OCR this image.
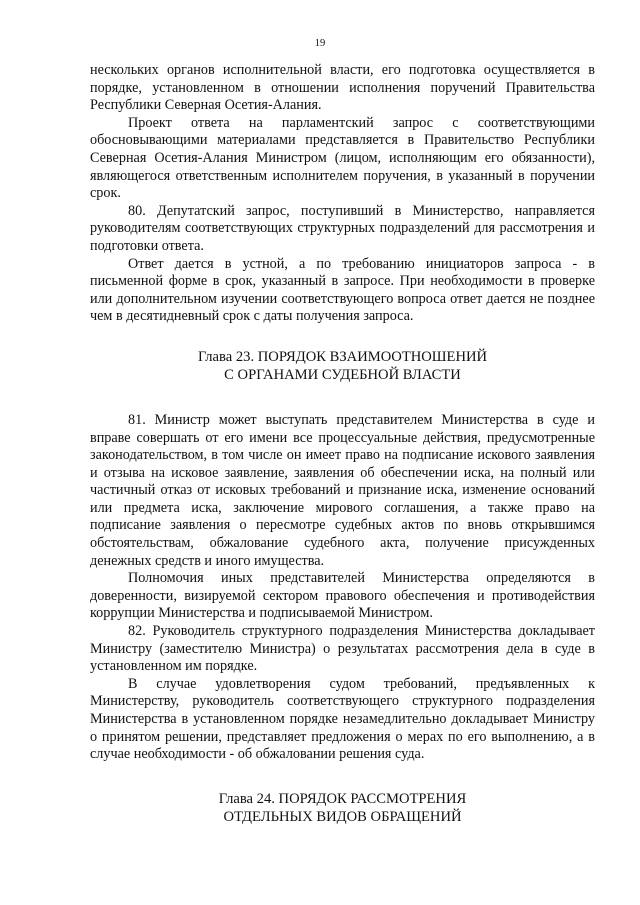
19

нескольких органов исполнительной власти, его подготовка осуществляется в порядке, установленном в отношении исполнения поручений Правительства Республики Северная Осетия-Алания.

Проект ответа на парламентский запрос с соответствующими обосновывающими материалами представляется в Правительство Республики Северная Осетия-Алания Министром (лицом, исполняющим его обязанности), являющегося ответственным исполнителем поручения, в указанный в поручении срок.

80. Депутатский запрос, поступивший в Министерство, направляется руководителям соответствующих структурных подразделений для рассмотрения и подготовки ответа.

Ответ дается в устной, а по требованию инициаторов запроса - в письменной форме в срок, указанный в запросе. При необходимости в проверке или дополнительном изучении соответствующего вопроса ответ дается не позднее чем в десятидневный срок с даты получения запроса.

Глава 23. ПОРЯДОК ВЗАИМООТНОШЕНИЙ
С ОРГАНАМИ СУДЕБНОЙ ВЛАСТИ

81. Министр может выступать представителем Министерства в суде и вправе совершать от его имени все процессуальные действия, предусмотренные законодательством, в том числе он имеет право на подписание искового заявления и отзыва на исковое заявление, заявления об обеспечении иска, на полный или частичный отказ от исковых требований и признание иска, изменение оснований или предмета иска, заключение мирового соглашения, а также право на подписание заявления о пересмотре судебных актов по вновь открывшимся обстоятельствам, обжалование судебного акта, получение присужденных денежных средств и иного имущества.

Полномочия иных представителей Министерства определяются в доверенности, визируемой сектором правового обеспечения и противодействия коррупции Министерства и подписываемой Министром.

82. Руководитель структурного подразделения Министерства докладывает Министру (заместителю Министра) о результатах рассмотрения дела в суде в установленном им порядке.

В случае удовлетворения судом требований, предъявленных к Министерству, руководитель соответствующего структурного подразделения Министерства в установленном порядке незамедлительно докладывает Министру о принятом решении, представляет предложения о мерах по его выполнению, а в случае необходимости - об обжаловании решения суда.

Глава 24. ПОРЯДОК РАССМОТРЕНИЯ
ОТДЕЛЬНЫХ ВИДОВ ОБРАЩЕНИЙ
